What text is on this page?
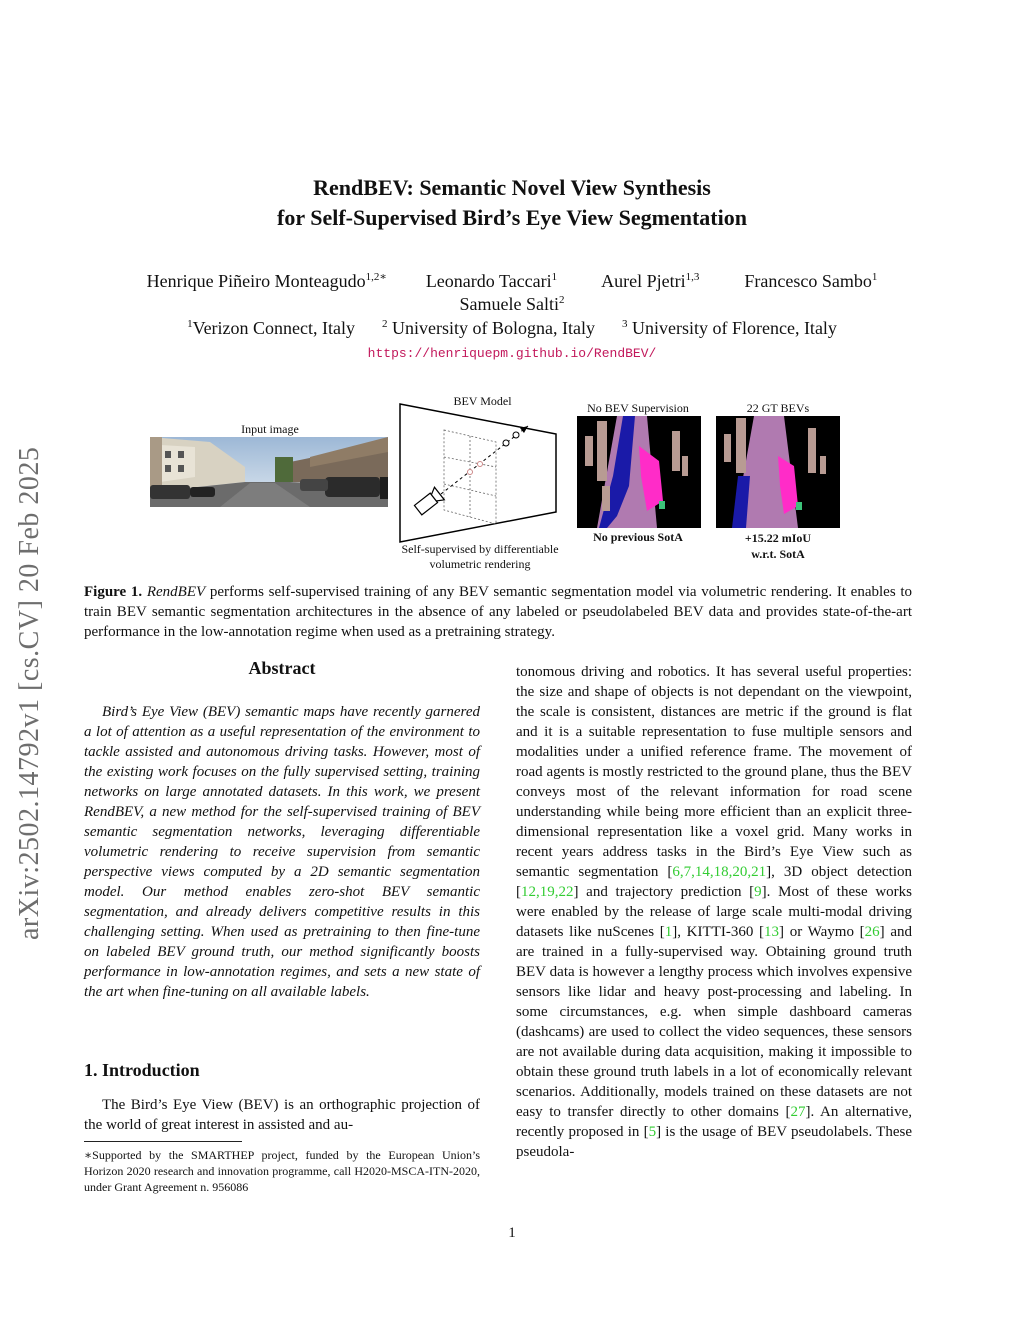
arXiv:2502.14792v1 [cs.CV] 20 Feb 2025
RendBEV: Semantic Novel View Synthesis
for Self-Supervised Bird’s Eye View Segmentation
Henrique Piñeiro Monteagudo$^{1,2∗}$ Leonardo Taccari$^1$ Aurel Pjetri$^{1,3}$	Francesco Sambo$^1$
Samuele Salti$^2$
$^1$Verizon Connect, Italy $^2$ University of Bologna, Italy $^3$ University of Florence, Italy
https://henriquepm.github.io/RendBEV/
Input image
BEV Model
Self-supervised by differentiable
volumetric rendering
No BEV Supervision
No previous SotA
22 GT BEVs
+15.22 mIoU
w.r.t. SotA
Figure 1. RendBEV performs self-supervised training of any BEV semantic segmentation model via volumetric rendering. It enables to train BEV semantic segmentation architectures in the absence of any labeled or pseudolabeled BEV data and provides state-of-the-art performance in the low-annotation regime when used as a pretraining strategy.
Abstract
Bird’s Eye View (BEV) semantic maps have recently garnered a lot of attention as a useful representation of the environment to tackle assisted and autonomous driving tasks. However, most of the existing work focuses on the fully supervised setting, training networks on large annotated datasets. In this work, we present RendBEV, a new method for the self-supervised training of BEV semantic segmentation networks, leveraging differentiable volumetric rendering to receive supervision from semantic perspective views computed by a 2D semantic segmentation model. Our method enables zero-shot BEV semantic segmentation, and already delivers competitive results in this challenging setting. When used as pretraining to then fine-tune on labeled BEV ground truth, our method significantly boosts performance in low-annotation regimes, and sets a new state of the art when fine-tuning on all available labels.
1. Introduction
The Bird’s Eye View (BEV) is an orthographic projection of the world of great interest in assisted and au-
∗Supported by the SMARTHEP project, funded by the European Union’s Horizon 2020 research and innovation programme, call H2020-MSCA-ITN-2020, under Grant Agreement n. 956086
tonomous driving and robotics. It has several useful properties: the size and shape of objects is not dependant on the viewpoint, the scale is consistent, distances are metric if the ground is flat and it is a suitable representation to fuse multiple sensors and modalities under a unified reference frame. The movement of road agents is mostly restricted to the ground plane, thus the BEV conveys most of the relevant information for road scene understanding while being more efficient than an explicit three-dimensional representation like a voxel grid. Many works in recent years address tasks in the Bird’s Eye View such as semantic segmentation [6,7,14,18,20,21], 3D object detection [12,19,22] and trajectory prediction [9]. Most of these works were enabled by the release of large scale multi-modal driving datasets like nuScenes [1], KITTI-360 [13] or Waymo [26] and are trained in a fully-supervised way. Obtaining ground truth BEV data is however a lengthy process which involves expensive sensors like lidar and heavy post-processing and labeling. In some circumstances, e.g. when simple dashboard cameras (dashcams) are used to collect the video sequences, these sensors are not available during data acquisition, making it impossible to obtain these ground truth labels in a lot of economically relevant scenarios. Additionally, models trained on these datasets are not easy to transfer directly to other domains [27]. An alternative, recently proposed in [5] is the usage of BEV pseudolabels. These pseudola-
1
